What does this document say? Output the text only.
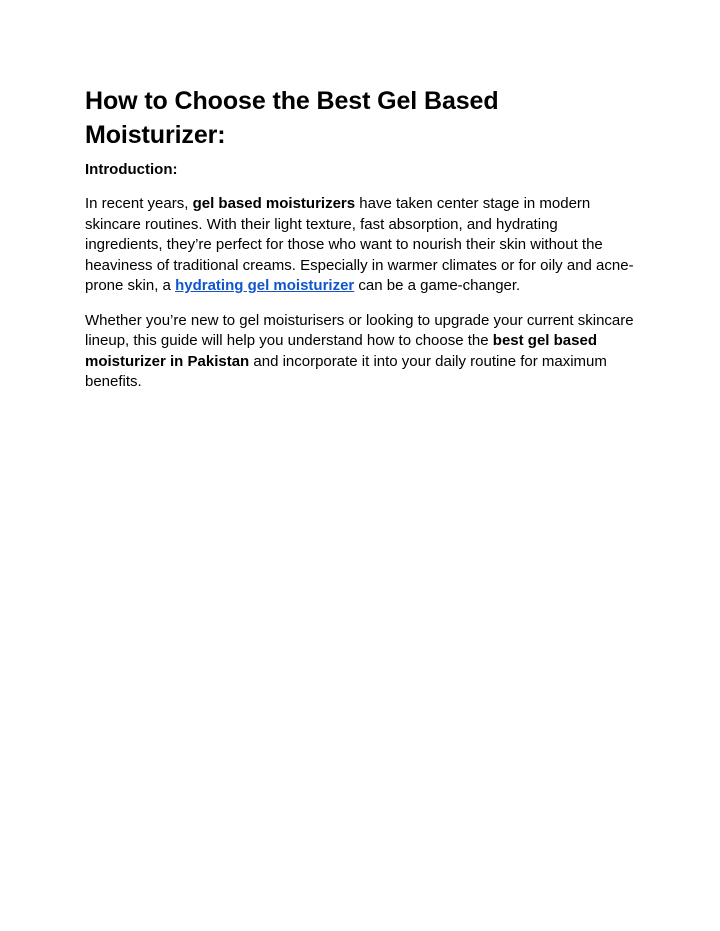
How to Choose the Best Gel Based Moisturizer:

Introduction:

In recent years, gel based moisturizers have taken center stage in modern skincare routines. With their light texture, fast absorption, and hydrating ingredients, they’re perfect for those who want to nourish their skin without the heaviness of traditional creams. Especially in warmer climates or for oily and acne-prone skin, a hydrating gel moisturizer can be a game-changer.

Whether you’re new to gel moisturisers or looking to upgrade your current skincare lineup, this guide will help you understand how to choose the best gel based moisturizer in Pakistan and incorporate it into your daily routine for maximum benefits.
